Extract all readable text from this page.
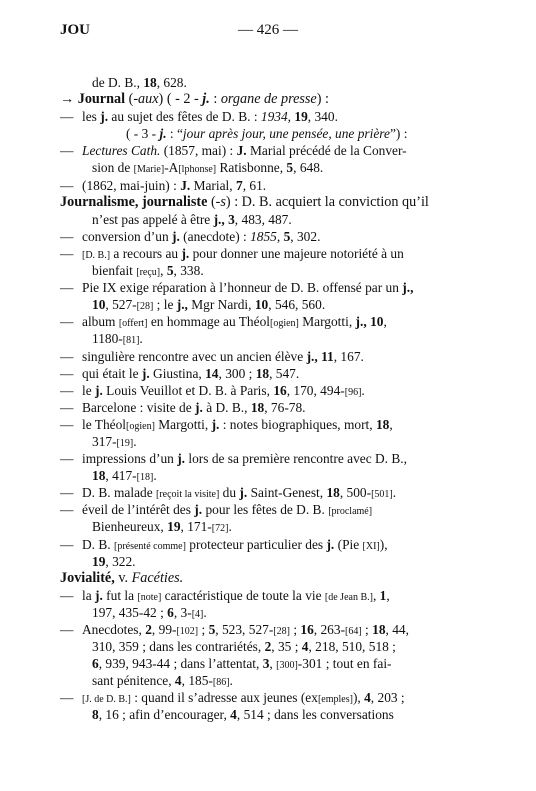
JOU	— 426 —
de D. B., 18, 628.
→ Journal (-aux) ( - 2 - j. : organe de presse) :
— les j. au sujet des fêtes de D. B. : 1934, 19, 340.
( - 3 - j. : “jour après jour, une pensée, une prière”) :
— Lectures Cath. (1857, mai) : J. Marial précédé de la Conver-
sion de [Marie]-A[lphonse] Ratisbonne, 5, 648.
— (1862, mai-juin) : J. Marial, 7, 61.
Journalisme, journaliste (-s) : D. B. acquiert la conviction qu’il
n’est pas appelé à être j., 3, 483, 487.
— conversion d’un j. (anecdote) : 1855, 5, 302.
— [D. B.] a recours au j. pour donner une majeure notoriété à un
bienfait [reçu], 5, 338.
— Pie IX exige réparation à l’honneur de D. B. offensé par un j.,
10, 527-[28] ; le j., Mgr Nardi, 10, 546, 560.
— album [offert] en hommage au Théol[ogien] Margotti, j., 10,
1180-[81].
— singulière rencontre avec un ancien élève j., 11, 167.
— qui était le j. Giustina, 14, 300 ; 18, 547.
— le j. Louis Veuillot et D. B. à Paris, 16, 170, 494-[96].
— Barcelone : visite de j. à D. B., 18, 76-78.
— le Théol[ogien] Margotti, j. : notes biographiques, mort, 18,
317-[19].
— impressions d’un j. lors de sa première rencontre avec D. B.,
18, 417-[18].
— D. B. malade [reçoit la visite] du j. Saint-Genest, 18, 500-[501].
— éveil de l’intérêt des j. pour les fêtes de D. B. [proclamé]
Bienheureux, 19, 171-[72].
— D. B. [présenté comme] protecteur particulier des j. (Pie [XI]),
19, 322.
Jovialité, v. Facéties.
— la j. fut la [note] caractéristique de toute la vie [de Jean B.], 1,
197, 435-42 ; 6, 3-[4].
— Anecdotes, 2, 99-[102] ; 5, 523, 527-[28] ; 16, 263-[64] ; 18, 44,
310, 359 ; dans les contrariétés, 2, 35 ; 4, 218, 510, 518 ;
6, 939, 943-44 ; dans l’attentat, 3, [300]-301 ; tout en fai-
sant pénitence, 4, 185-[86].
— [J. de D. B.] : quand il s’adresse aux jeunes (ex[emples]), 4, 203 ;
8, 16 ; afin d’encourager, 4, 514 ; dans les conversations
